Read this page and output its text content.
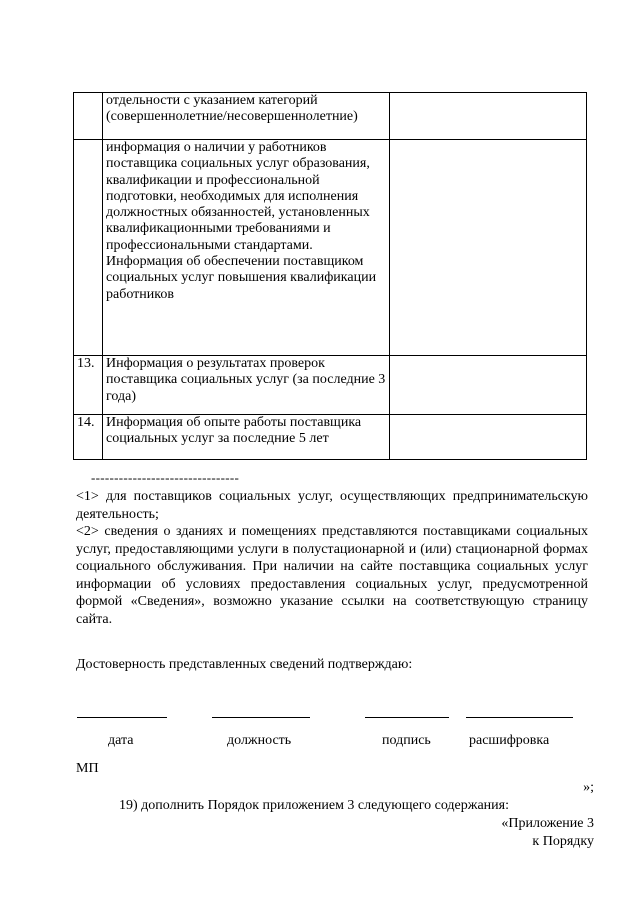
	отдельности с указанием категорий (совершеннолетние/несовершеннолетние)	

	информация о наличии у работников поставщика социальных услуг образования, квалификации и профессиональной подготовки, необходимых для исполнения должностных обязанностей, установленных квалификационными требованиями и профессиональными стандартами.
Информация об обеспечении поставщиком социальных услуг повышения квалификации работников	

13.	Информация о результатах проверок поставщика социальных услуг (за последние 3 года)	

14.	Информация об опыте работы поставщика социальных услуг за последние 5 лет	

--------------------------------
<1> для поставщиков социальных услуг, осуществляющих предпринимательскую деятельность;
<2> сведения о зданиях и помещениях представляются поставщиками социальных услуг, предоставляющими услуги в полустационарной и (или) стационарной формах социального обслуживания. При наличии на сайте поставщика социальных услуг информации об условиях предоставления социальных услуг, предусмотренной формой «Сведения», возможно указание ссылки на соответствующую страницу сайта.
Достоверность представленных сведений подтверждаю:
дата	должность	подпись	расшифровка
МП
»;
19) дополнить Порядок приложением 3 следующего содержания:
«Приложение 3
к Порядку
